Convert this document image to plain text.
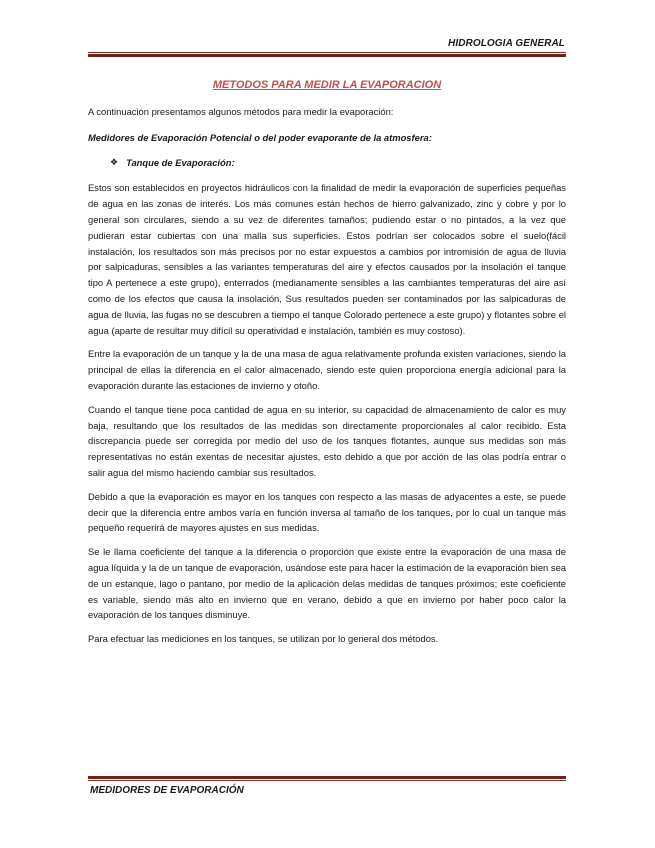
HIDROLOGIA GENERAL
METODOS PARA MEDIR LA EVAPORACION

A continuación presentamos algunos métodos para medir la evaporación:

Medidores de Evaporación Potencial o del poder evaporante de la atmosfera:

❖ Tanque de Evaporación:

Estos son establecidos en proyectos hidráulicos con la finalidad de medir la evaporación de superficies pequeñas de agua en las zonas de interés. Los más comunes están hechos de hierro galvanizado, zinc y cobre y por lo general son circulares, siendo a su vez de diferentes tamaños; pudiendo estar o no pintados, a la vez que pudieran estar cubiertas con una malla sus superficies. Estos podrían ser colocados sobre el suelo(fácil instalación, los resultados son más precisos por no estar expuestos a cambios por intromisión de agua de lluvia por salpicaduras, sensibles a las variantes temperaturas del aire y efectos causados por la insolación el tanque tipo A pertenece a este grupo), enterrados (medianamente sensibles a las cambiantes temperaturas del aire así como de los efectos que causa la insolación, Sus resultados pueden ser contaminados por las salpicaduras de agua de lluvia, las fugas no se descubren a tiempo el tanque Colorado pertenece a este grupo) y flotantes sobre el agua (aparte de resultar muy difícil su operatividad e instalación, también es muy costoso).

Entre la evaporación de un tanque y la de una masa de agua relativamente profunda existen variaciones, siendo la principal de ellas la diferencia en el calor almacenado, siendo este quien proporciona energía adicional para la evaporación durante las estaciones de invierno y otoño.

Cuando el tanque tiene poca cantidad de agua en su interior, su capacidad de almacenamiento de calor es muy baja, resultando que los resultados de las medidas son directamente proporcionales al calor recibido. Esta discrepancia puede ser corregida por medio del uso de los tanques flotantes, aunque sus medidas son más representativas no están exentas de necesitar ajustes, esto debido a que por acción de las olas podría entrar o salir agua del mismo haciendo cambiar sus resultados.

Debido a que la evaporación es mayor en los tanques con respecto a las masas de adyacentes a este, se puede decir que la diferencia entre ambos varía en función inversa al tamaño de los tanques, por lo cual un tanque más pequeño requerirá de mayores ajustes en sus medidas.

Se le llama coeficiente del tanque a la diferencia o proporción que existe entre la evaporación de una masa de agua líquida y la de un tanque de evaporación, usándose este para hacer la estimación de la evaporación bien sea de un estanque, lago o pantano, por medio de la aplicación delas medidas de tanques próximos; este coeficiente es variable, siendo más alto en invierno que en verano, debido a que en invierno por haber poco calor la evaporación de los tanques disminuye.

Para efectuar las mediciones en los tanques, se utilizan por lo general dos métodos.

MEDIDORES DE EVAPORACIÓN
